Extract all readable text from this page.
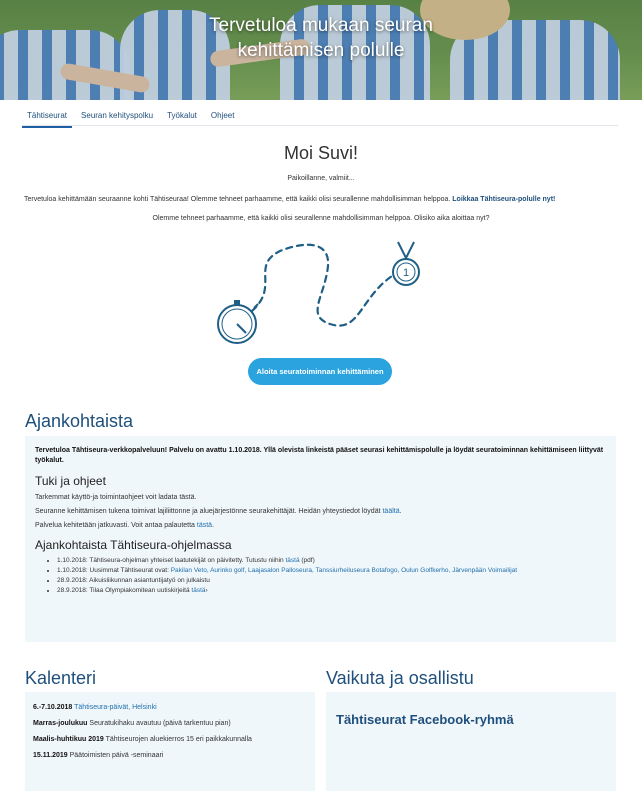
Tervetuloa mukaan seuran
kehittämisen polulle
Tähtiseurat	Seuran kehityspolku	Työkalut	Ohjeet
Moi Suvi!
Paikoillanne, valmiit...
Tervetuloa kehittämään seuraanne kohti Tähtiseuraa! Olemme tehneet parhaamme, että kaikki olisi seurallenne mahdollisimman helppoa. Loikkaa Tähtiseura-polulle nyt!
Olemme tehneet parhaamme, että kaikki olisi seurallenne mahdollisimman helppoa. Olisiko aika aloittaa nyt?
1
Aloita seuratoiminnan kehittäminen
Ajankohtaista
Tervetuloa Tähtiseura-verkkopalveluun! Palvelu on avattu 1.10.2018. Yllä olevista linkeistä pääset seurasi kehittämispolulle ja löydät seuratoiminnan kehittämiseen liittyvät työkalut.
Tuki ja ohjeet

Tarkemmat käyttö-ja toimintaohjeet voit ladata tästä.

Seuranne kehittämisen tukena toimivat lajiliittonne ja aluejärjestönne seurakehittäjät. Heidän yhteystiedot löydät täältä.

Palvelua kehitetään jatkuvasti. Voit antaa palautetta tästä.

Ajankohtaista Tähtiseura-ohjelmassa
• 1.10.2018: Tähtiseura-ohjelman yhteiset laatutekijät on päivitetty. Tutustu niihin tästä (pdf)
• 1.10.2018: Uusimmat Tähtiseurat ovat: Pakilan Veto, Aurinko golf, Laajasalon Palloseura, Tanssiurheiluseura Botafogo, Oulun Golfkerho, Järvenpään Voimailijat
• 28.9.2018: Aikuisliikunnan asiantuntijatyö on julkaistu
• 28.9.2018: Tilaa Olympiakomitean uutiskirjeitä tästä›
Kalenteri
6.-7.10.2018 Tähtiseura-päivät, Helsinki
Marras-joulukuu Seuratukihaku avautuu (päivä tarkentuu pian)
Maalis-huhtikuu 2019 Tähtiseurojen aluekierros 15 eri paikkakunnalla
15.11.2019 Päätoimisten päivä -seminaari
Vaikuta ja osallistu
Tähtiseurat Facebook-ryhmä
